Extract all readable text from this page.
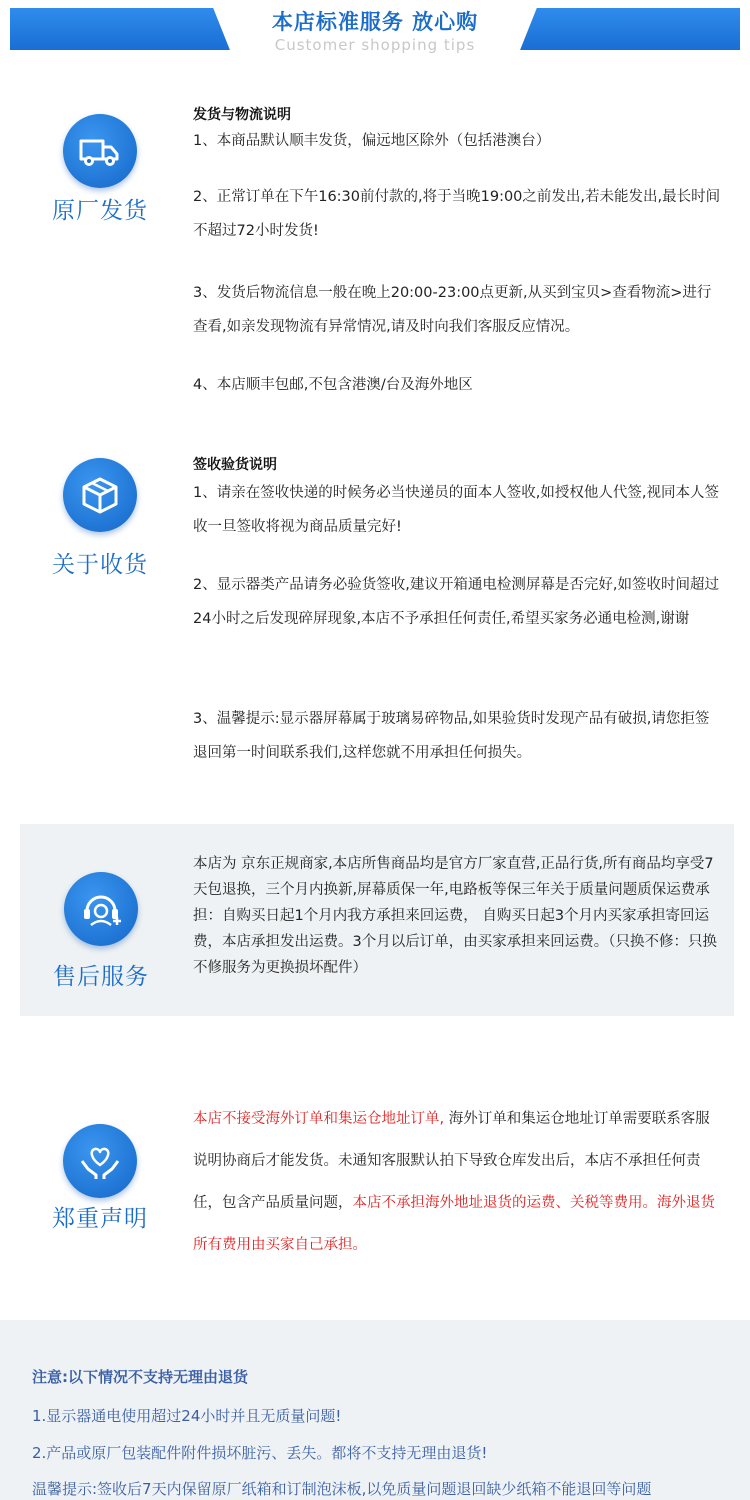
本店标准服务 放心购
Customer shopping tips
原厂发货
发货与物流说明
1、本商品默认顺丰发货，偏远地区除外（包括港澳台）
2、正常订单在下午16:30前付款的,将于当晚19:00之前发出,若未能发出,最长时间不超过72小时发货!
3、发货后物流信息一般在晚上20:00-23:00点更新,从买到宝贝>查看物流>进行查看,如亲发现物流有异常情况,请及时向我们客服反应情况。
4、本店顺丰包邮,不包含港澳/台及海外地区
关于收货
签收验货说明
1、请亲在签收快递的时候务必当快递员的面本人签收,如授权他人代签,视同本人签收一旦签收将视为商品质量完好!
2、显示器类产品请务必验货签收,建议开箱通电检测屏幕是否完好,如签收时间超过24小时之后发现碎屏现象,本店不予承担任何责任,希望买家务必通电检测,谢谢
3、温馨提示:显示器屏幕属于玻璃易碎物品,如果验货时发现产品有破损,请您拒签退回第一时间联系我们,这样您就不用承担任何损失。
售后服务
本店为 京东正规商家,本店所售商品均是官方厂家直营,正品行货,所有商品均享受7天包退换，三个月内换新,屏幕质保一年,电路板等保三年关于质量问题质保运费承担：自购买日起1个月内我方承担来回运费， 自购买日起3个月内买家承担寄回运费，本店承担发出运费。3个月以后订单，由买家承担来回运费。（只换不修：只换不修服务为更换损坏配件）
郑重声明
本店不接受海外订单和集运仓地址订单, 海外订单和集运仓地址订单需要联系客服说明协商后才能发货。未通知客服默认拍下导致仓库发出后，本店不承担任何责任，包含产品质量问题，本店不承担海外地址退货的运费、关税等费用。海外退货所有费用由买家自己承担。
注意:以下情况不支持无理由退货
1.显示器通电使用超过24小时并且无质量问题!
2.产品或原厂包装配件附件损坏脏污、丢失。都将不支持无理由退货!
温馨提示:签收后7天内保留原厂纸箱和订制泡沫板,以免质量问题退回缺少纸箱不能退回等问题
